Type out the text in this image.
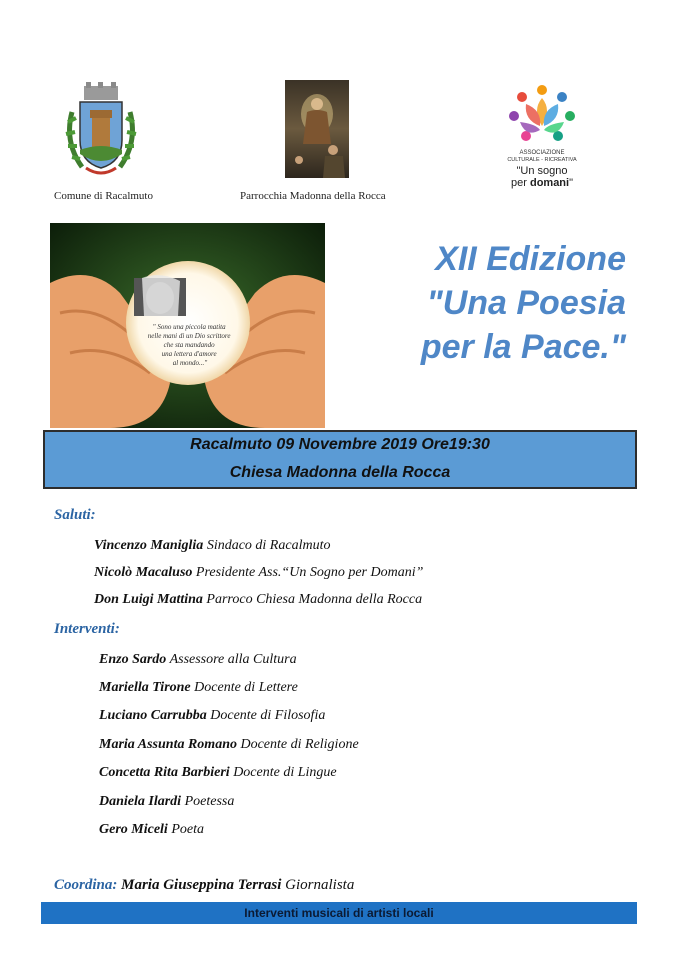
Comune di Racalmuto	Parrocchia Madonna della Rocca
ASSOCIAZIONE
CULTURALE - RICREATIVA
"Un sogno
per domani"
" Sono una piccola matita nelle mani di un Dio scrittore che sta mandando una lettera d'amore al mondo..."
XII Edizione
"Una Poesia
per la Pace."
Racalmuto 09 Novembre 2019 Ore19:30
Chiesa Madonna della Rocca
Saluti:
Vincenzo Maniglia Sindaco di Racalmuto
Nicolò Macaluso Presidente Ass.“Un Sogno per Domani”
Don Luigi Mattina Parroco Chiesa Madonna della Rocca
Interventi:
Enzo Sardo Assessore alla Cultura
Mariella Tirone Docente di Lettere
Luciano Carrubba Docente di Filosofia
Maria Assunta Romano Docente di Religione
Concetta Rita Barbieri Docente di Lingue
Daniela Ilardi Poetessa
Gero Miceli Poeta
Coordina: Maria Giuseppina Terrasi Giornalista
Interventi musicali di artisti locali
